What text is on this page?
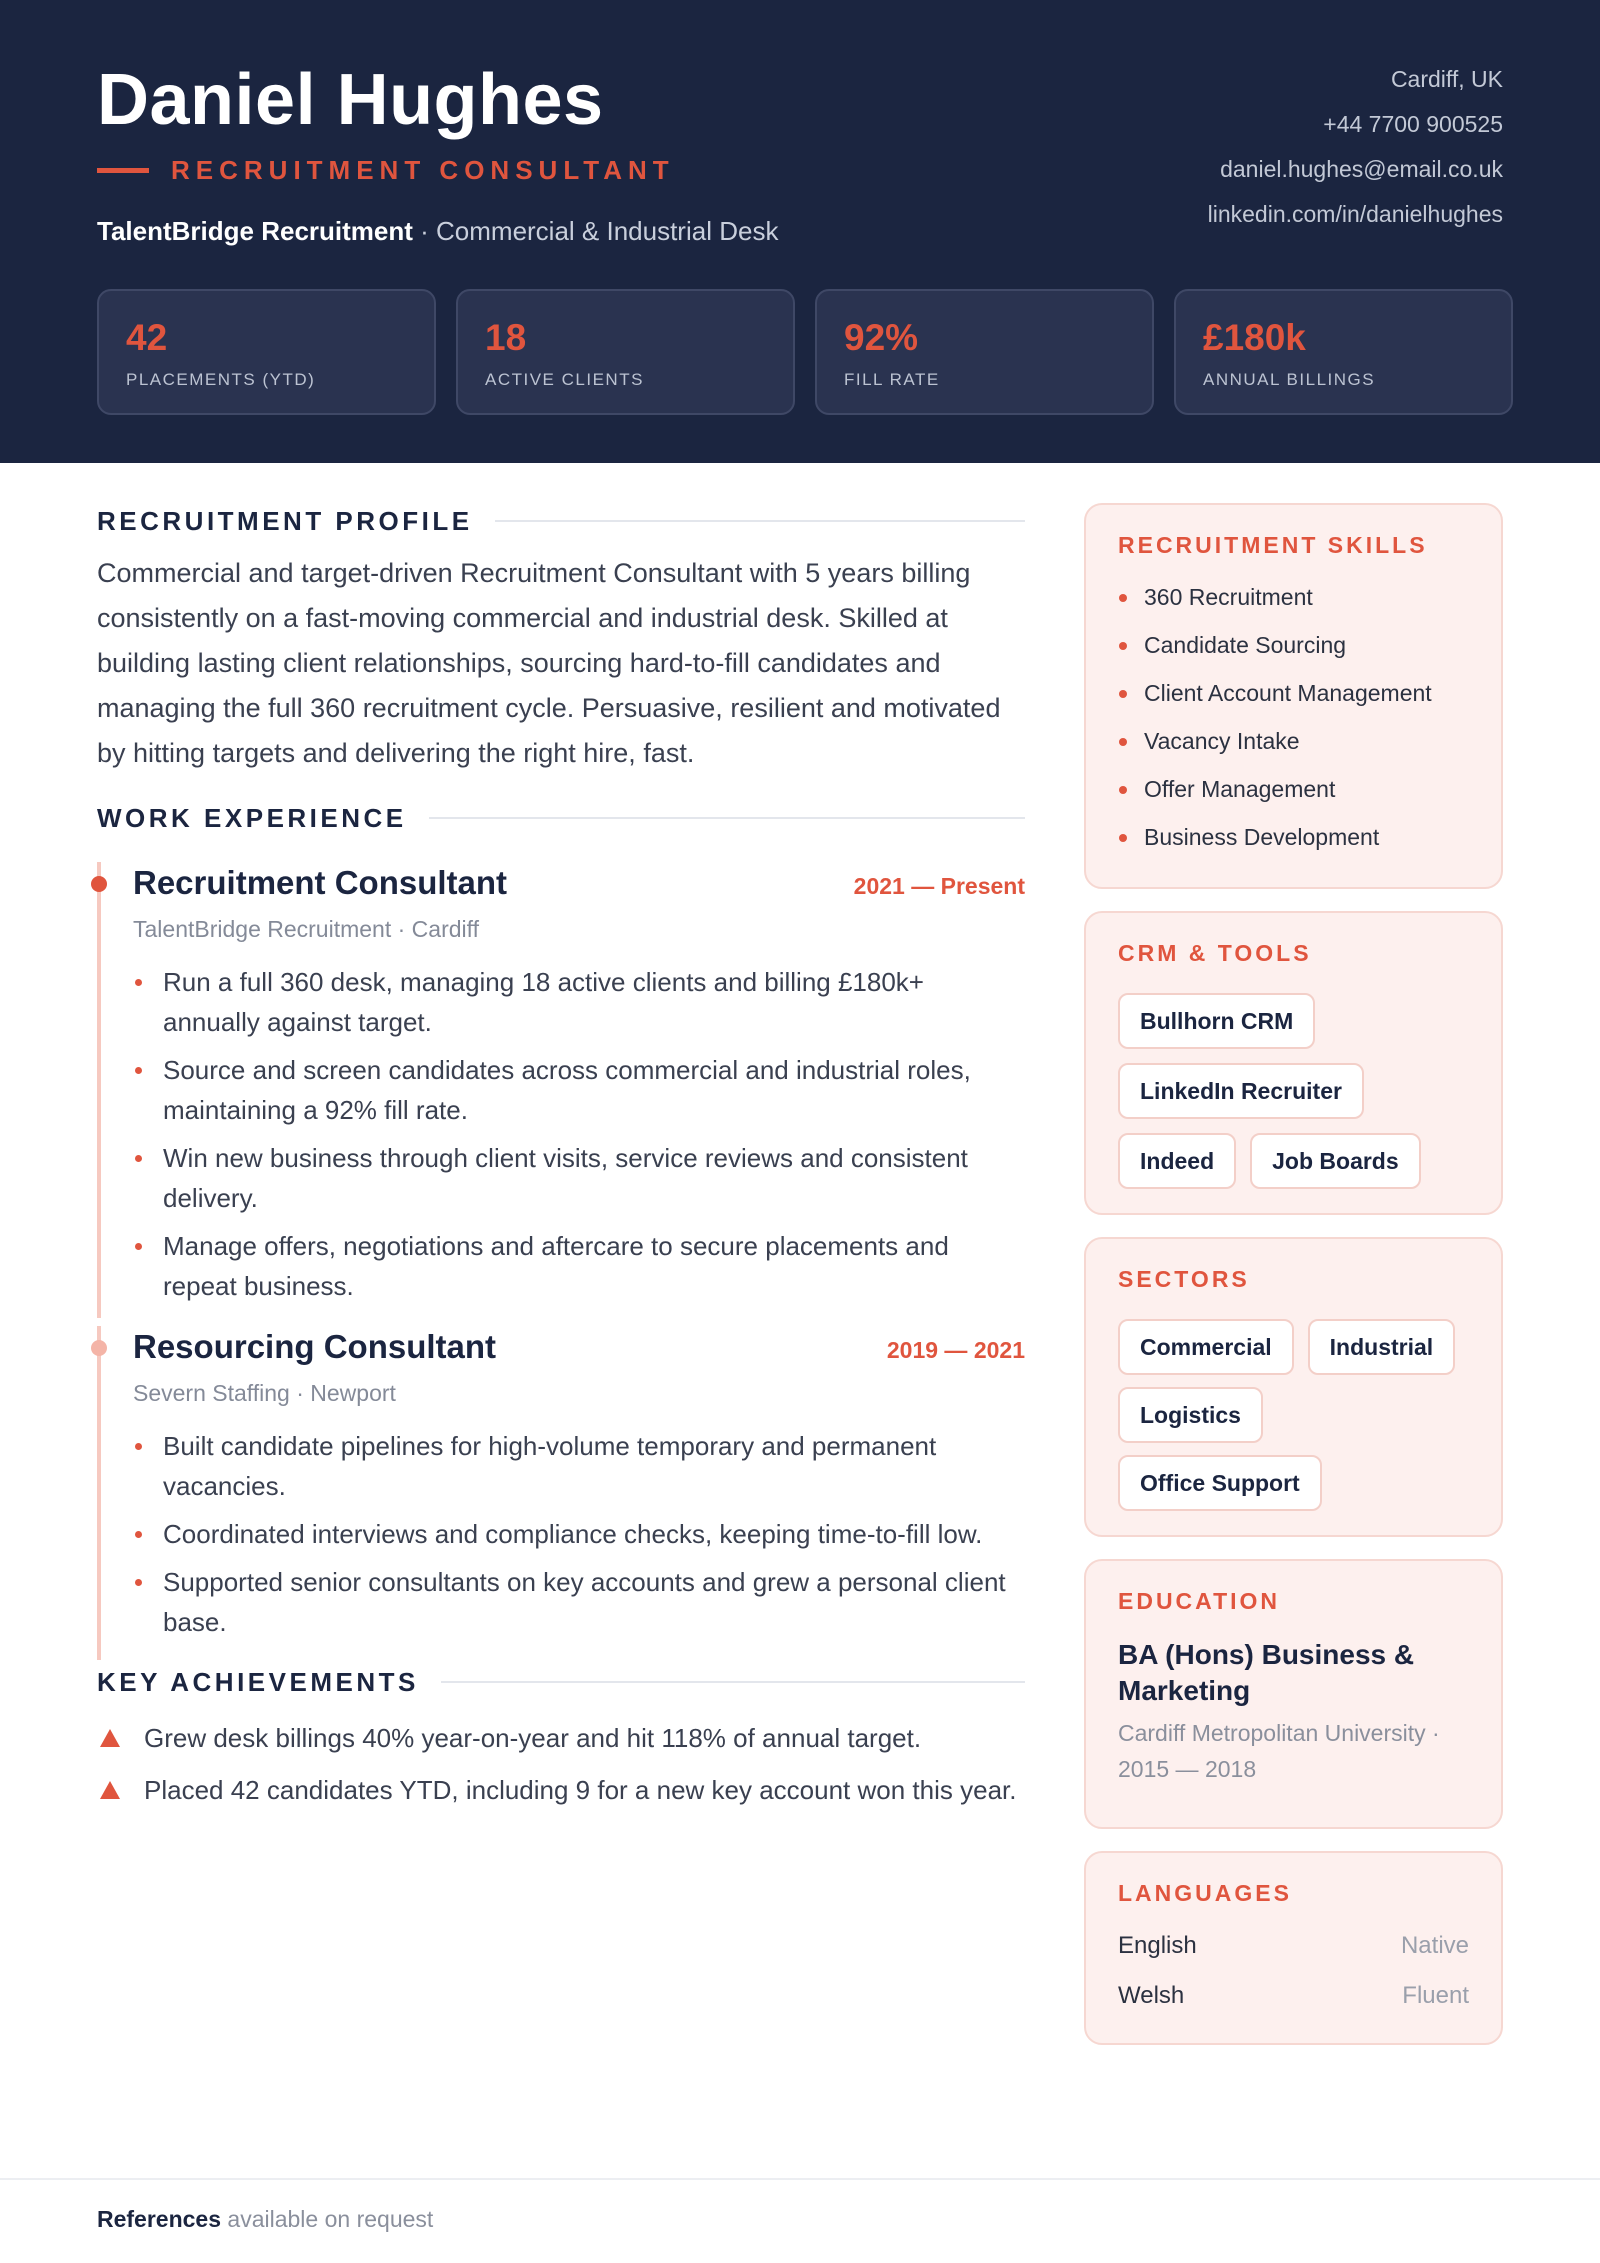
Daniel Hughes
RECRUITMENT CONSULTANT
TalentBridge Recruitment · Commercial & Industrial Desk
Cardiff, UK
+44 7700 900525
daniel.hughes@email.co.uk
linkedin.com/in/danielhughes
42
PLACEMENTS (YTD)
18
ACTIVE CLIENTS
92%
FILL RATE
£180k
ANNUAL BILLINGS
RECRUITMENT PROFILE

Commercial and target-driven Recruitment Consultant with 5 years billing consistently on a fast-moving commercial and industrial desk. Skilled at building lasting client relationships, sourcing hard-to-fill candidates and managing the full 360 recruitment cycle. Persuasive, resilient and motivated by hitting targets and delivering the right hire, fast.

WORK EXPERIENCE
Recruitment Consultant	2021 — Present
TalentBridge Recruitment · Cardiff
Run a full 360 desk, managing 18 active clients and billing £180k+ annually against target.
Source and screen candidates across commercial and industrial roles, maintaining a 92% fill rate.
Win new business through client visits, service reviews and consistent delivery.
Manage offers, negotiations and aftercare to secure placements and repeat business.
Resourcing Consultant	2019 — 2021
Severn Staffing · Newport
Built candidate pipelines for high-volume temporary and permanent vacancies.
Coordinated interviews and compliance checks, keeping time-to-fill low.
Supported senior consultants on key accounts and grew a personal client base.
KEY ACHIEVEMENTS
Grew desk billings 40% year-on-year and hit 118% of annual target.
Placed 42 candidates YTD, including 9 for a new key account won this year.
RECRUITMENT SKILLS
360 Recruitment
Candidate Sourcing
Client Account Management
Vacancy Intake
Offer Management
Business Development
CRM & TOOLS
Bullhorn CRM
LinkedIn Recruiter
Indeed	Job Boards
SECTORS
Commercial	Industrial
Logistics
Office Support
EDUCATION
BA (Hons) Business & Marketing
Cardiff Metropolitan University · 2015 — 2018
LANGUAGES
English	Native
Welsh	Fluent
References available on request
